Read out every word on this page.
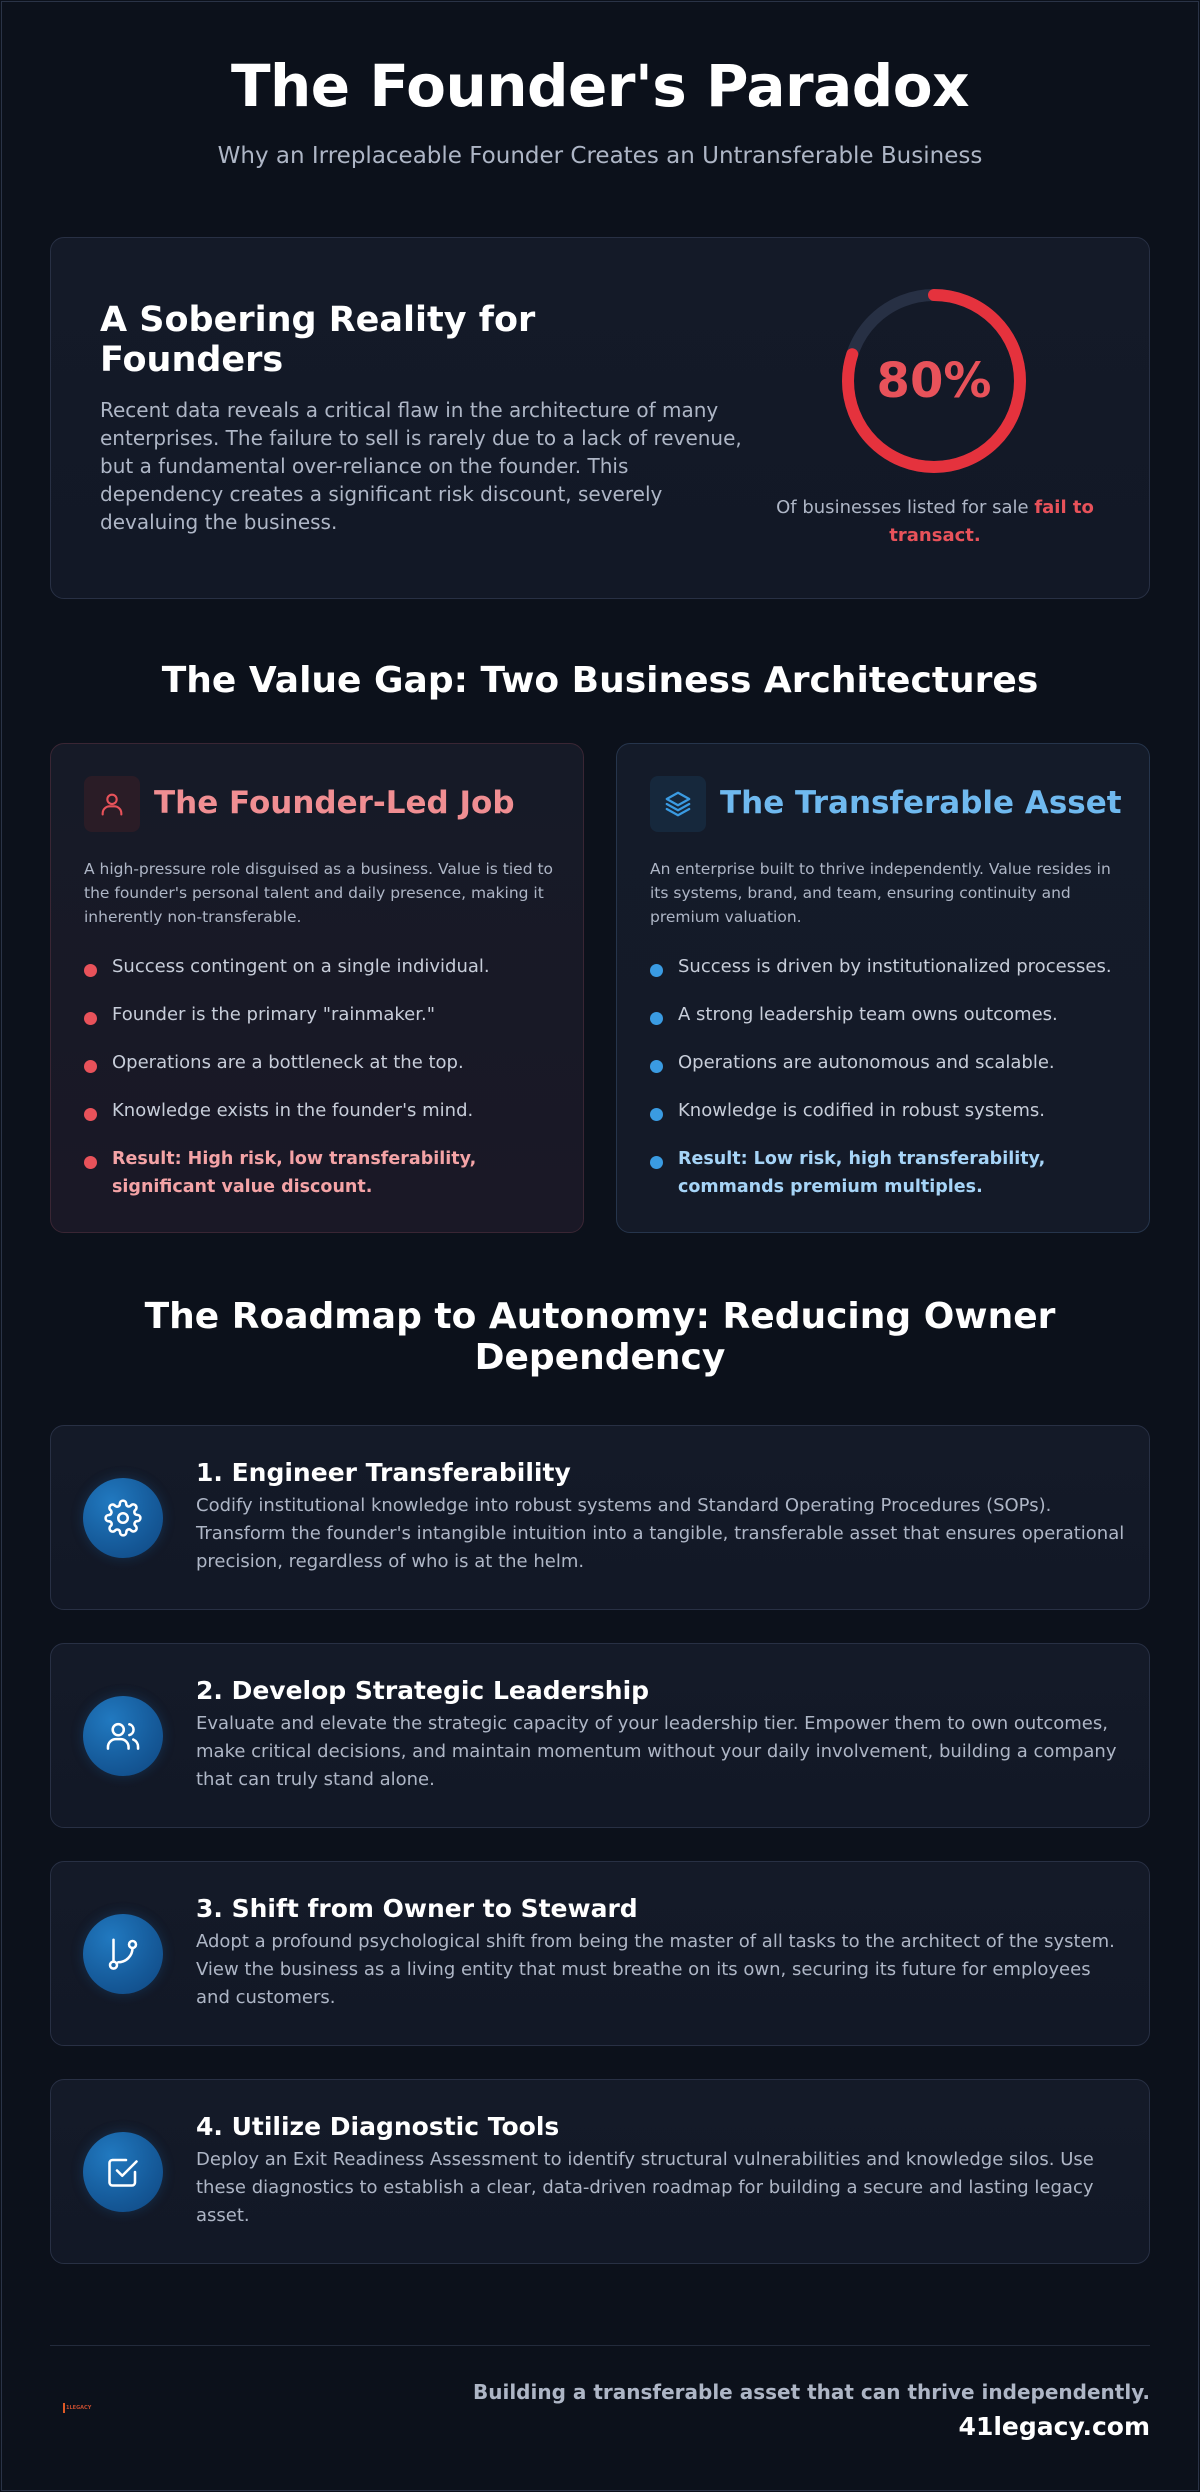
The Founder's Paradox
Why an Irreplaceable Founder Creates an Untransferable Business
A Sobering Reality for Founders

Recent data reveals a critical flaw in the architecture of many enterprises. The failure to sell is rarely due to a lack of revenue, but a fundamental over-reliance on the founder. This dependency creates a significant risk discount, severely devaluing the business.

80%
Of businesses listed for sale fail to transact.
The Value Gap: Two Business Architectures
The Founder-Led Job
A high-pressure role disguised as a business. Value is tied to the founder's personal talent and daily presence, making it inherently non-transferable.
Success contingent on a single individual.
Founder is the primary "rainmaker."
Operations are a bottleneck at the top.
Knowledge exists in the founder's mind.
Result: High risk, low transferability, significant value discount.
The Transferable Asset
An enterprise built to thrive independently. Value resides in its systems, brand, and team, ensuring continuity and premium valuation.
Success is driven by institutionalized processes.
A strong leadership team owns outcomes.
Operations are autonomous and scalable.
Knowledge is codified in robust systems.
Result: Low risk, high transferability, commands premium multiples.
The Roadmap to Autonomy: Reducing Owner Dependency
1. Engineer Transferability

Codify institutional knowledge into robust systems and Standard Operating Procedures (SOPs). Transform the founder's intangible intuition into a tangible, transferable asset that ensures operational precision, regardless of who is at the helm.

2. Develop Strategic Leadership

Evaluate and elevate the strategic capacity of your leadership tier. Empower them to own outcomes, make critical decisions, and maintain momentum without your daily involvement, building a company that can truly stand alone.

3. Shift from Owner to Steward

Adopt a profound psychological shift from being the master of all tasks to the architect of the system. View the business as a living entity that must breathe on its own, securing its future for employees and customers.

4. Utilize Diagnostic Tools

Deploy an Exit Readiness Assessment to identify structural vulnerabilities and knowledge silos. Use these diagnostics to establish a clear, data-driven roadmap for building a secure and lasting legacy asset.

1LEGACY
Building a transferable asset that can thrive independently.
41legacy.com
